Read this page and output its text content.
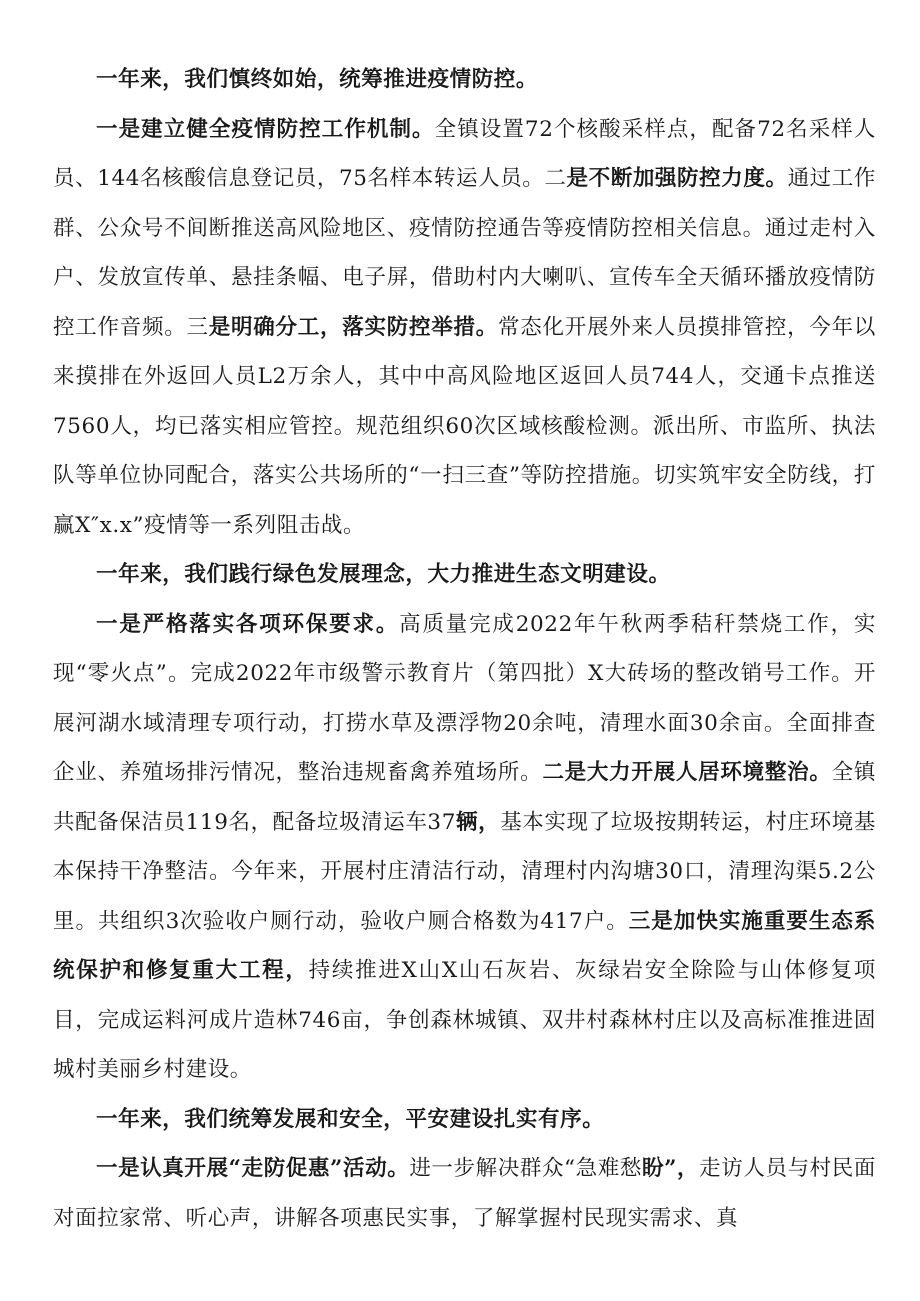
一年来，我们慎终如始，统筹推进疫情防控。

一是建立健全疫情防控工作机制。全镇设置72个核酸采样点，配备72名采样人员、144名核酸信息登记员，75名样本转运人员。二是不断加强防控力度。通过工作群、公众号不间断推送高风险地区、疫情防控通告等疫情防控相关信息。通过走村入户、发放宣传单、悬挂条幅、电子屏，借助村内大喇叭、宣传车全天循环播放疫情防控工作音频。三是明确分工，落实防控举措。常态化开展外来人员摸排管控，今年以来摸排在外返回人员L2万余人，其中中高风险地区返回人员744人，交通卡点推送7560人，均已落实相应管控。规范组织60次区域核酸检测。派出所、市监所、执法队等单位协同配合，落实公共场所的“一扫三查”等防控措施。切实筑牢安全防线，打赢X″x.x”疫情等一系列阻击战。

一年来，我们践行绿色发展理念，大力推进生态文明建设。

一是严格落实各项环保要求。高质量完成2022年午秋两季秸秆禁烧工作，实现“零火点”。完成2022年市级警示教育片（第四批）X大砖场的整改销号工作。开展河湖水域清理专项行动，打捞水草及漂浮物20余吨，清理水面30余亩。全面排查企业、养殖场排污情况，整治违规畜禽养殖场所。二是大力开展人居环境整治。全镇共配备保洁员119名，配备垃圾清运车37辆，基本实现了垃圾按期转运，村庄环境基本保持干净整洁。今年来，开展村庄清洁行动，清理村内沟塘30口，清理沟渠5.2公里。共组织3次验收户厕行动，验收户厕合格数为417户。三是加快实施重要生态系统保护和修复重大工程，持续推进X山X山石灰岩、灰绿岩安全除险与山体修复项目，完成运料河成片造林746亩，争创森林城镇、双井村森林村庄以及高标准推进固城村美丽乡村建设。

一年来，我们统筹发展和安全，平安建设扎实有序。

一是认真开展“走防促惠”活动。进一步解决群众“急难愁盼”，走访人员与村民面对面拉家常、听心声，讲解各项惠民实事，了解掌握村民现实需求、真
